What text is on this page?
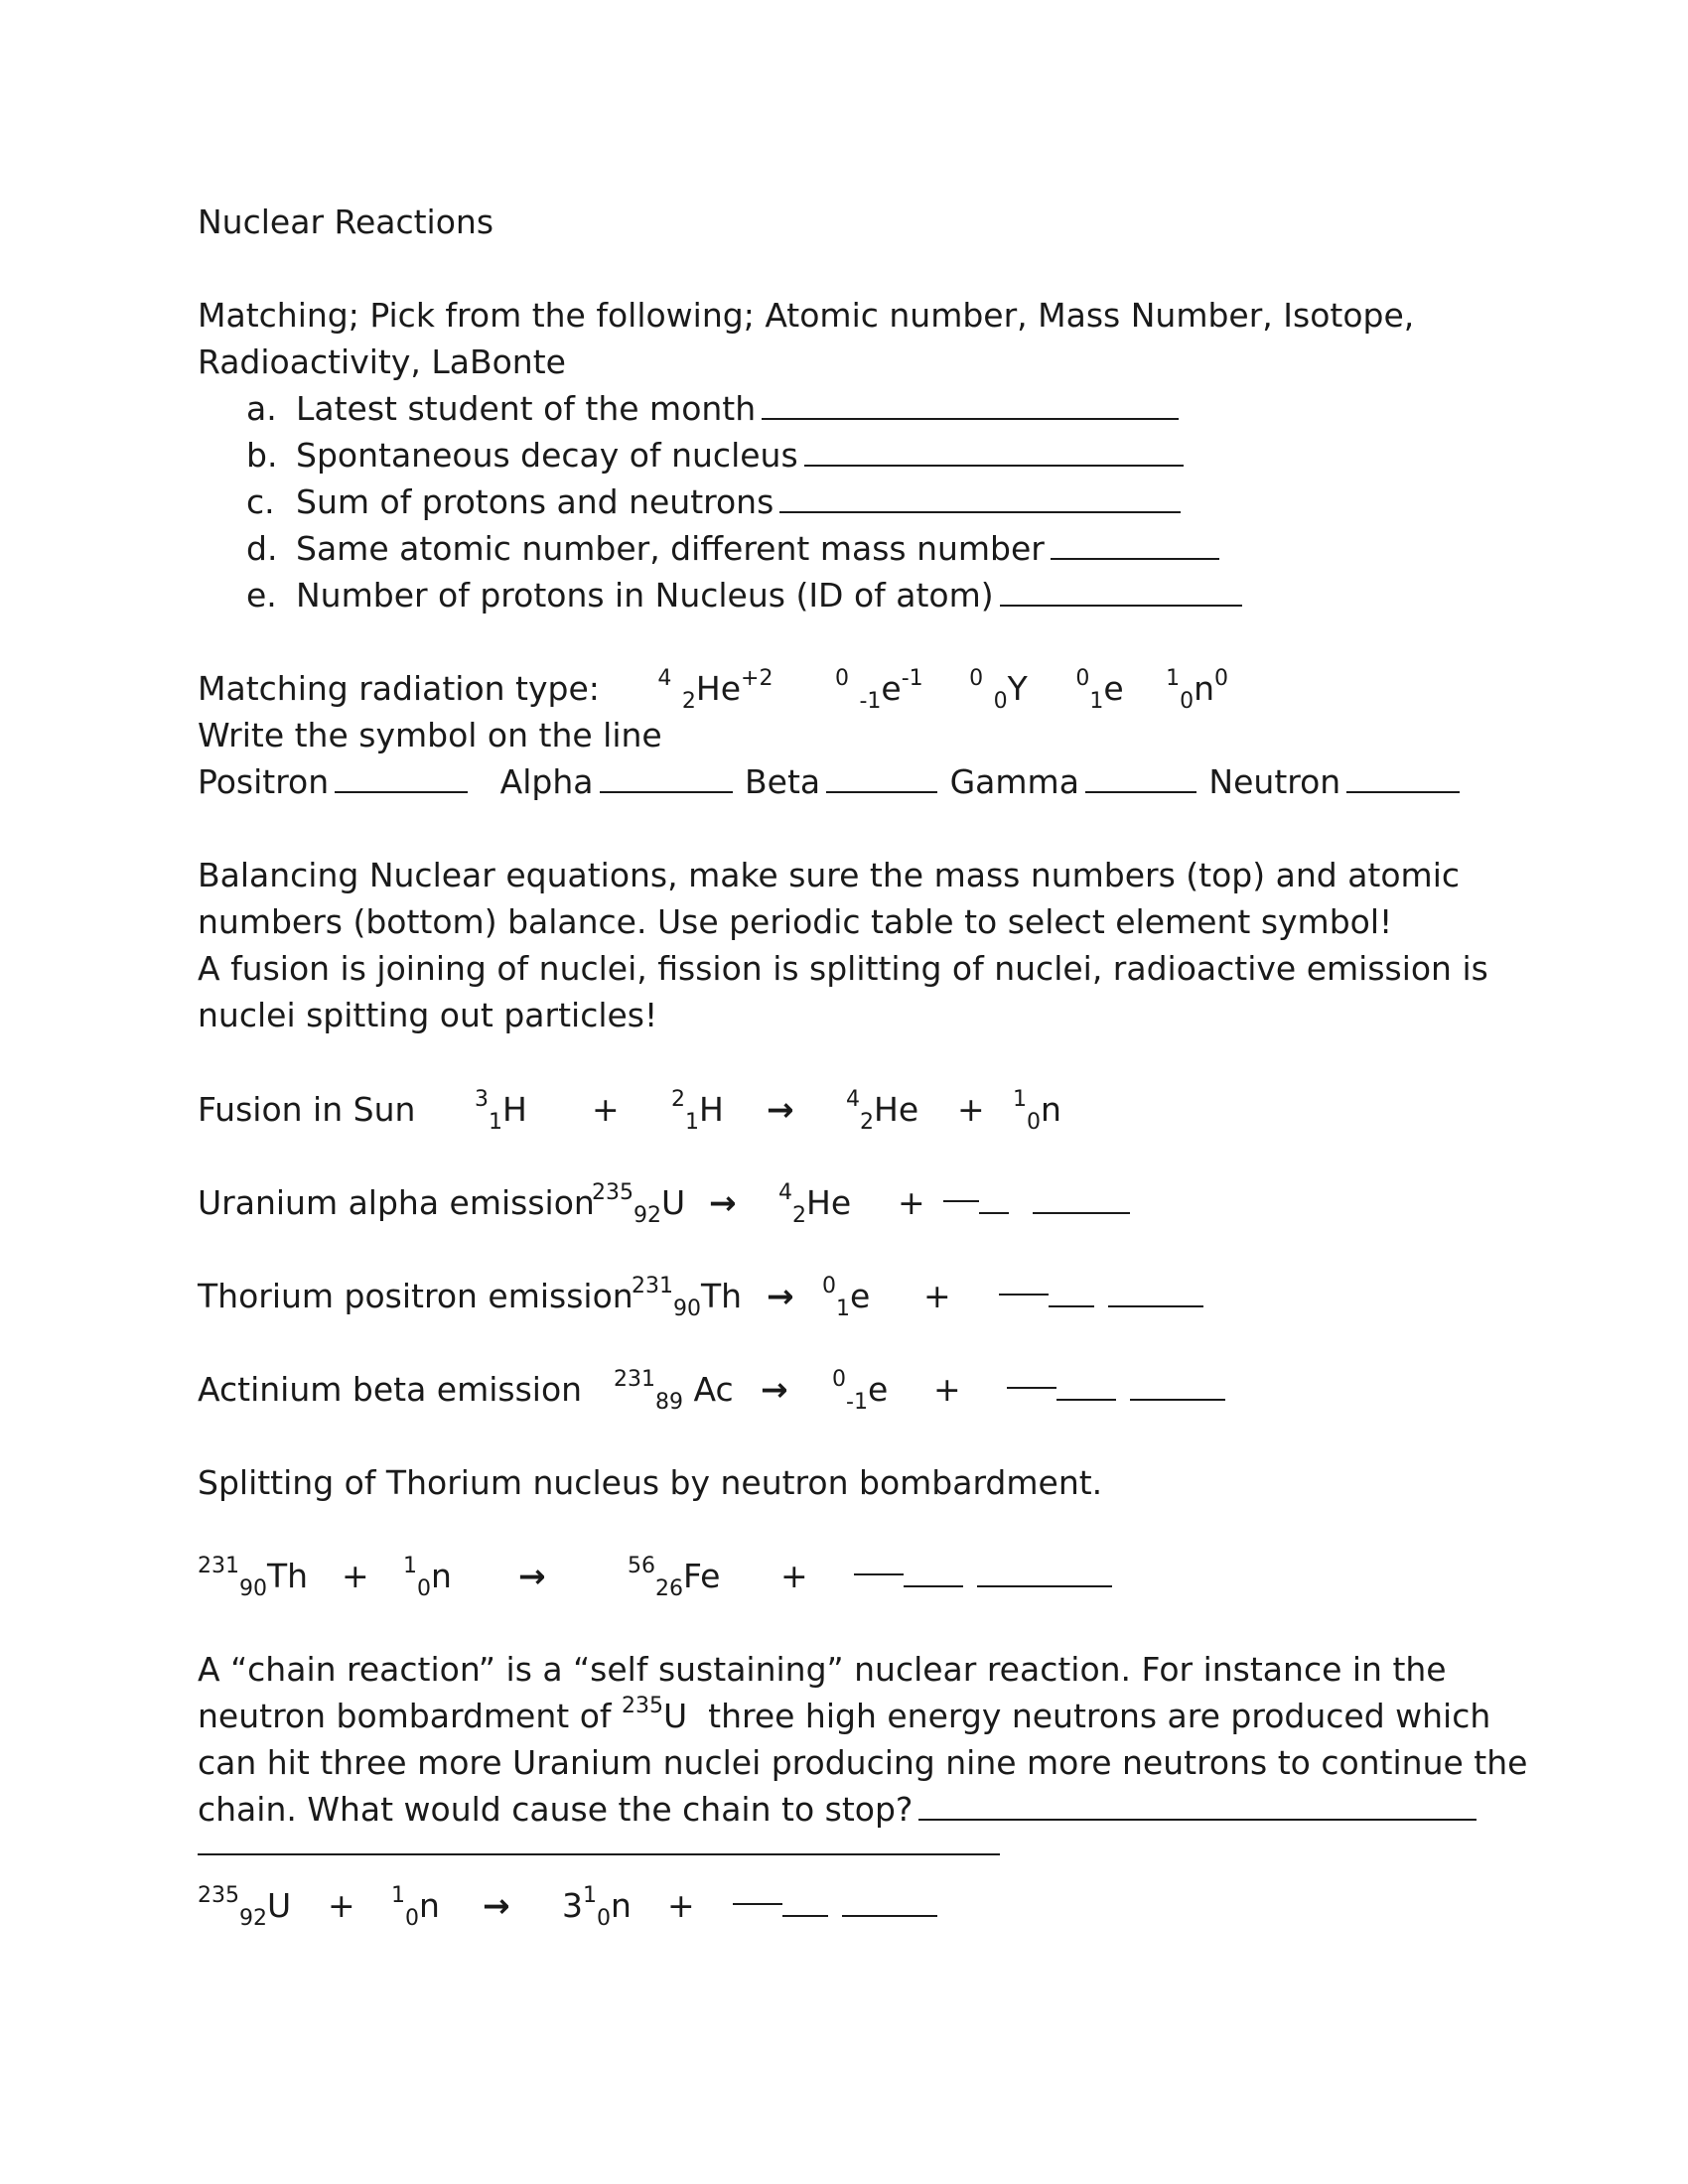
Nuclear Reactions
Matching; Pick from the following; Atomic number, Mass Number, Isotope, Radioactivity, LaBonte
a. Latest student of the month
b. Spontaneous decay of nucleus
c. Sum of protons and neutrons
d. Same atomic number, different mass number
e. Number of protons in Nucleus (ID of atom)
Matching radiation type:	$^4$ $_2He^{+2}$	$^0$ $_{-1}e^{-1}$ $^0$ $_0$Y $^0_1$e $^1_0n^0$
Write the symbol on the line
Positron	Alpha	Beta	Gamma	Neutron
Balancing Nuclear equations, make sure the mass numbers (top) and atomic numbers (bottom) balance. Use periodic table to select element symbol!
A fusion is joining of nuclei, fission is splitting of nuclei, radioactive emission is nuclei spitting out particles!
Fusion in Sun	$^3_1$H + $^2_1$H → $^4_2$He + $^1_0$n
Uranium alpha emission
$^{235}_{92}$U → $^4_2$He +
Thorium positron emission
$^{231}_{90}$Th → $^0_1$e +
Actinium beta emission $^{231}_{89}$ Ac → $^0_{-1}$e +
Splitting of Thorium nucleus by neutron bombardment.
$^{231}_{90}$Th + $^1_0$n →	$^{56}_{26}$Fe +
A “chain reaction” is a “self sustaining” nuclear reaction. For instance in the
neutron bombardment of $^{235}$U three high energy neutrons are produced which
can hit three more Uranium nuclei producing nine more neutrons to continue the
chain. What would cause the chain to stop?
$^{235}_{92}U + ^1_0n \to 3^1_0n$ +
